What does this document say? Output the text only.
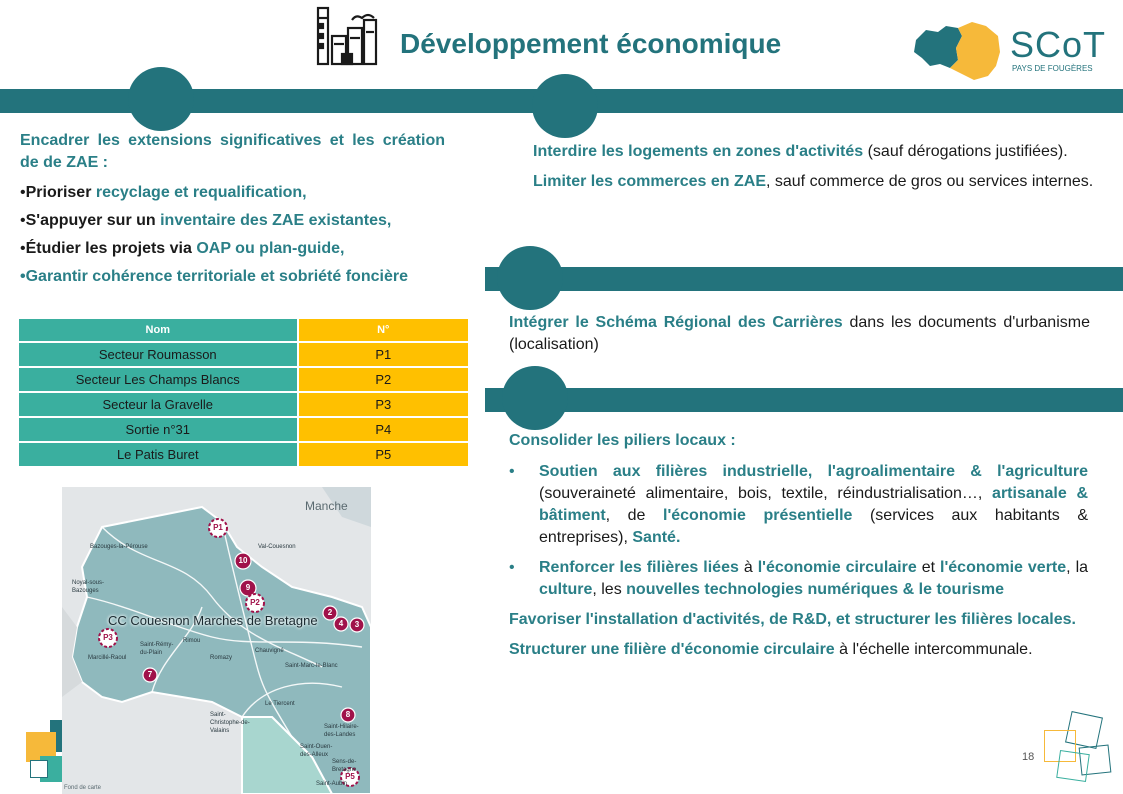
Développement économique	SCoT
PAYS DE FOUGÈRES

Encadrer les extensions significatives et les création de de ZAE :

•Prioriser recyclage et requalification,

•S'appuyer sur un inventaire des ZAE existantes,

•Étudier les projets via OAP ou plan-guide,

•Garantir cohérence territoriale et sobriété foncière

Nom	N°
Secteur Roumasson	P1
Secteur Les Champs Blancs	P2
Secteur la Gravelle	P3
Sortie n°31	P4
Le Patis Buret	P5
Manche
CC Couesnon Marches de Bretagne
Bazouges-la-Pérouse	Val-Couesnon
Noyal-sous-Bazouges
Marcillé-Raoul
Saint-Rémy-du-Plain
Rimou
Romazy
Chauvigné
Saint-Marc-le-Blanc
Le Tiercent
Saint-Christophe-de-Valains
Saint-Hilaire-des-Landes
Saint-Ouen-des-Alleux
Sens-de-Bretagne
Saint-Aubin
P1
P2
P3
P5
10
9
2
4	3
7
8
Fond de carte

Interdire les logements en zones d'activités (sauf dérogations justifiées).

Limiter les commerces en ZAE, sauf commerce de gros ou services internes.

Intégrer le Schéma Régional des Carrières dans les documents d'urbanisme (localisation)

Consolider les piliers locaux :

• Soutien aux filières industrielle, l'agroalimentaire & l'agriculture (souveraineté alimentaire, bois, textile, réindustrialisation…, artisanale & bâtiment, de l'économie présentielle (services aux habitants & entreprises), Santé.
• Renforcer les filières liées à l'économie circulaire et l'économie verte, la culture, les nouvelles technologies numériques & le tourisme

Favoriser l'installation d'activités, de R&D, et structurer les filières locales.

Structurer une filière d'économie circulaire à l'échelle intercommunale.

18
